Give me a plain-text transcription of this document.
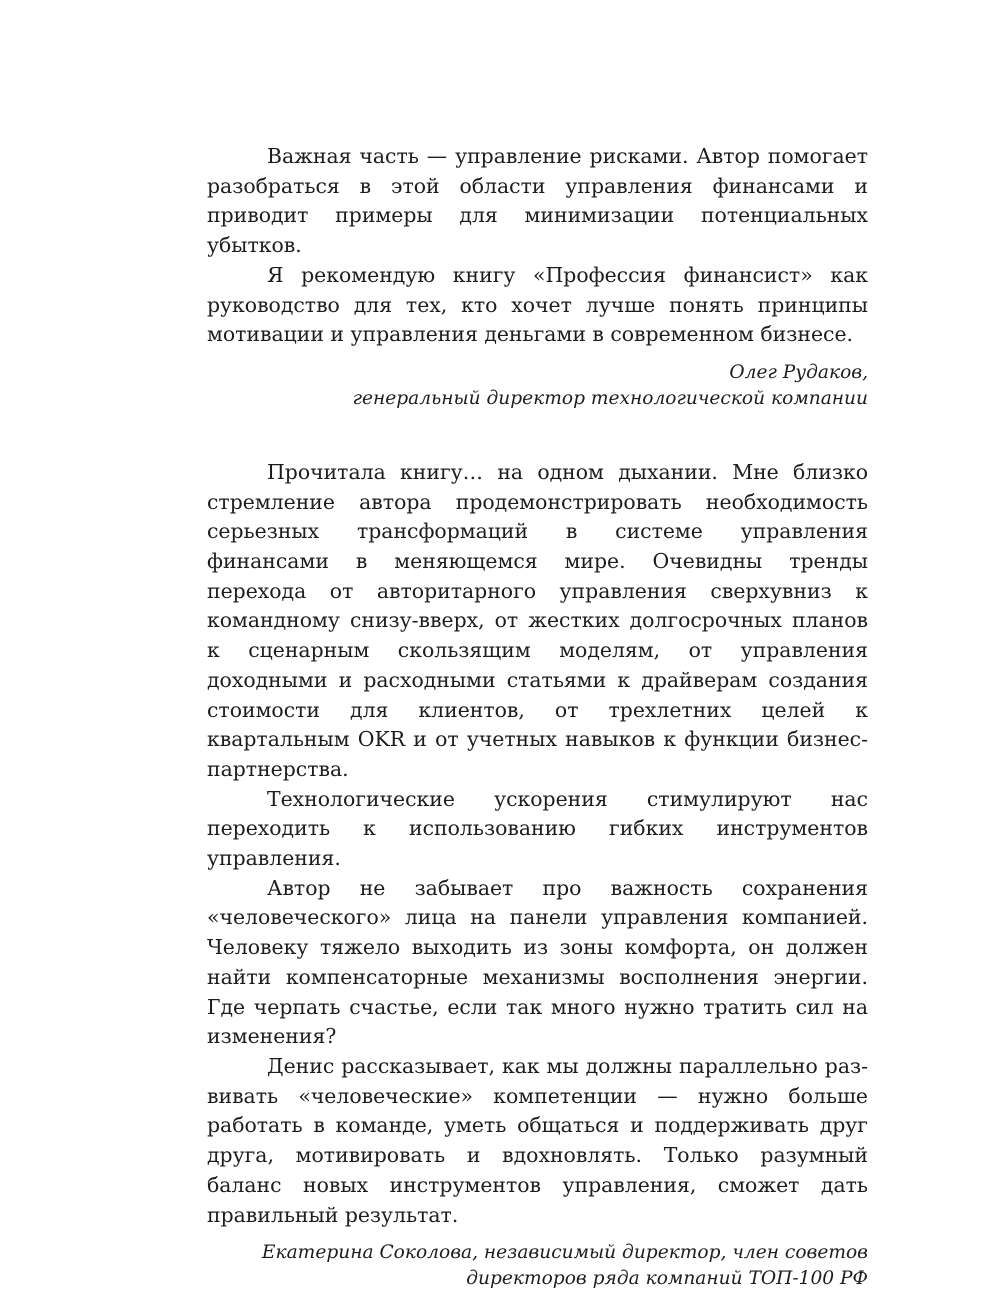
Важная часть — управление рисками. Автор помогает разобраться в этой области управления финансами и приводит примеры для минимизации потенциальных убытков.

Я рекомендую книгу «Профессия финансист» как руководство для тех, кто хочет лучше понять принципы мотивации и управления деньгами в современном бизнесе.

Олег Рудаков,
генеральный директор технологической компании

Прочитала книгу… на одном дыхании. Мне близко стремление автора продемонстрировать необходимость серьезных трансформаций в системе управления финансами в меняющемся мире. Очевидны тренды перехода от авторитарного управления сверхувниз к командному снизу-вверх, от жестких долгосрочных планов к сценарным скользящим моделям, от управления доходными и расходными статьями к драйверам создания стоимости для клиентов, от трехлетних целей к квартальным OKR и от учетных навыков к функции бизнес-партнерства.

Технологические ускорения стимулируют нас переходить к использованию гибких инструментов управления.

Автор не забывает про важность сохранения «человеческого» лица на панели управления компанией. Человеку тяжело выходить из зоны комфорта, он должен найти компенсаторные механизмы восполнения энергии. Где черпать счастье, если так много нужно тратить сил на изменения?

Денис рассказывает, как мы должны параллельно развивать «человеческие» компетенции — нужно больше работать в команде, уметь общаться и поддерживать друг друга, мотивировать и вдохновлять. Только разумный баланс новых инструментов управления, сможет дать правильный результат.

Екатерина Соколова, независимый директор, член советов
директоров ряда компаний ТОП-100 РФ
